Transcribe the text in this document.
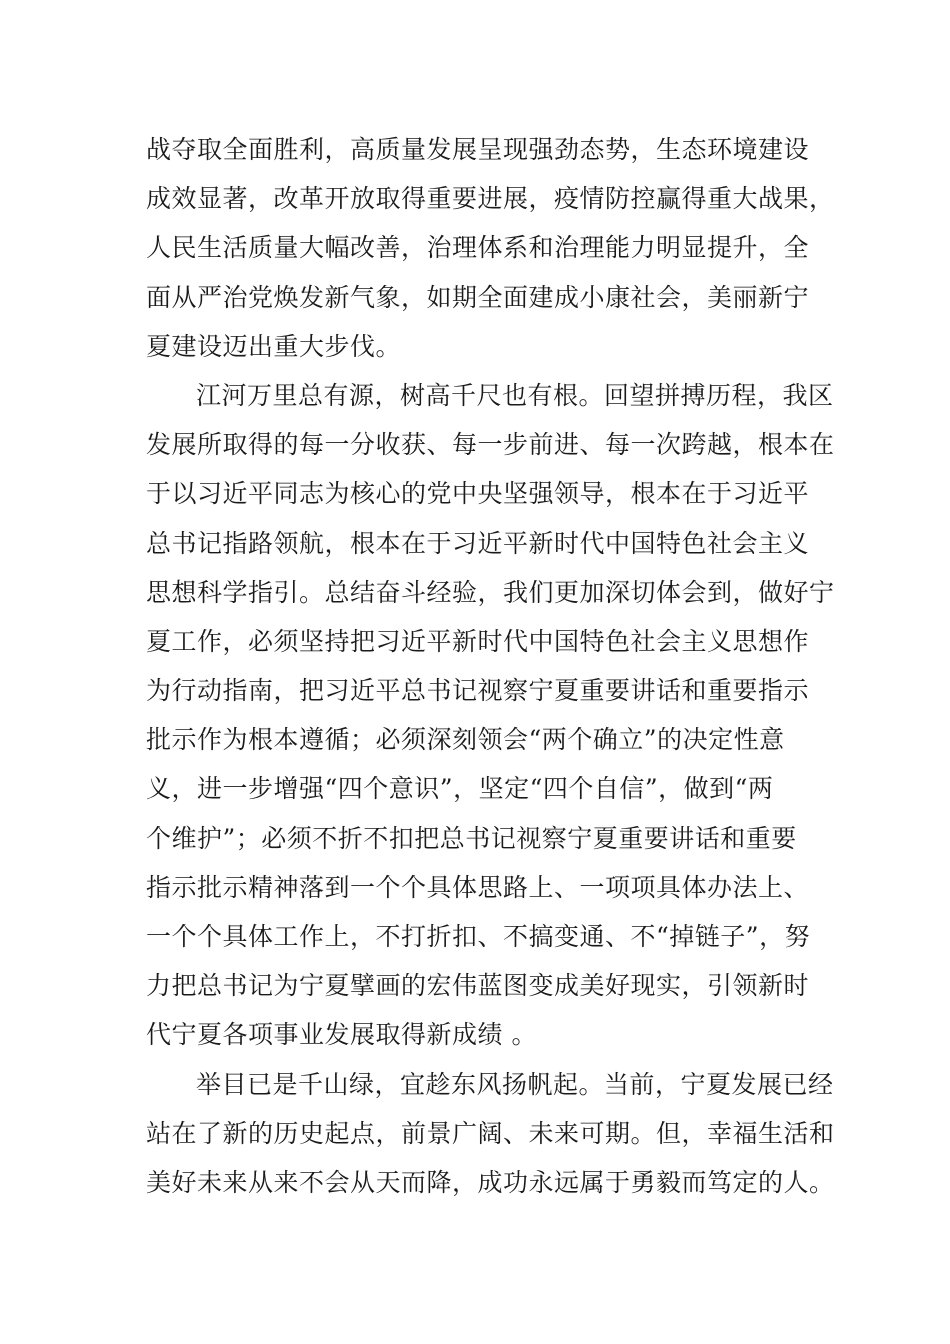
战夺取全面胜利，高质量发展呈现强劲态势，生态环境建设
成效显著，改革开放取得重要进展，疫情防控赢得重大战果，
人民生活质量大幅改善，治理体系和治理能力明显提升，全
面从严治党焕发新气象，如期全面建成小康社会，美丽新宁
夏建设迈出重大步伐。
江河万里总有源，树高千尺也有根。回望拼搏历程，我区
发展所取得的每一分收获、每一步前进、每一次跨越，根本在
于以习近平同志为核心的党中央坚强领导，根本在于习近平
总书记指路领航，根本在于习近平新时代中国特色社会主义
思想科学指引。总结奋斗经验，我们更加深切体会到，做好宁
夏工作，必须坚持把习近平新时代中国特色社会主义思想作
为行动指南，把习近平总书记视察宁夏重要讲话和重要指示
批示作为根本遵循；必须深刻领会“两个确立”的决定性意
义，进一步增强“四个意识”，坚定“四个自信”，做到“两
个维护”；必须不折不扣把总书记视察宁夏重要讲话和重要
指示批示精神落到一个个具体思路上、一项项具体办法上、
一个个具体工作上，不打折扣、不搞变通、不“掉链子”，努
力把总书记为宁夏擘画的宏伟蓝图变成美好现实，引领新时
代宁夏各项事业发展取得新成绩 。
举目已是千山绿，宜趁东风扬帆起。当前，宁夏发展已经
站在了新的历史起点，前景广阔、未来可期。但，幸福生活和
美好未来从来不会从天而降，成功永远属于勇毅而笃定的人。
